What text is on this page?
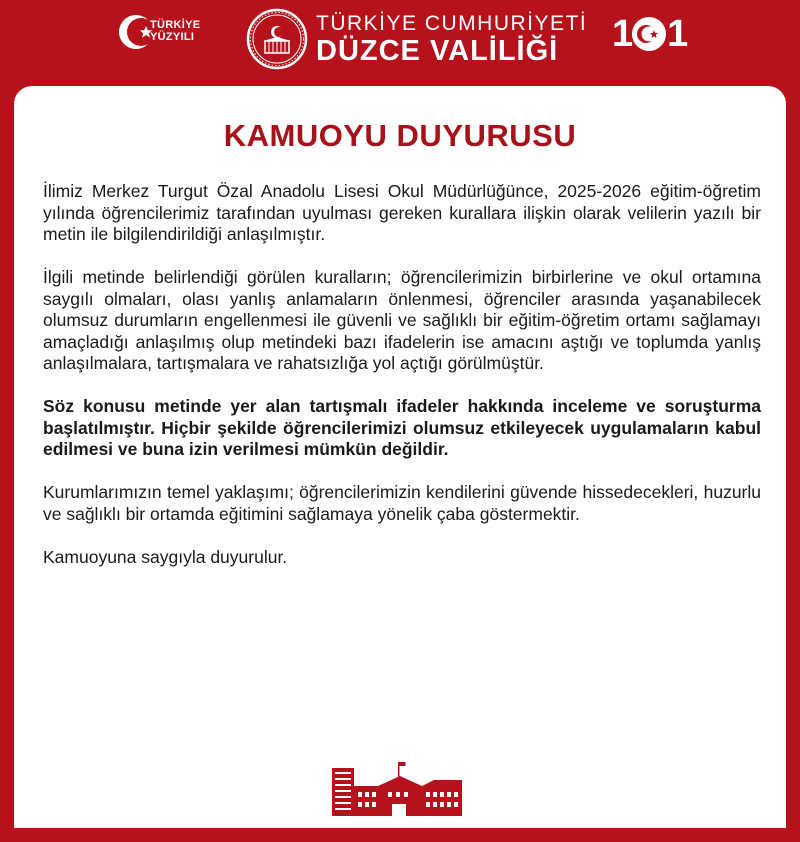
TÜRKİYE
YÜZYILI
TÜRKİYE CUMHURİYETİ
DÜZCE VALİLİĞİ 1 1
KAMUOYU DUYURUSU

İlimiz Merkez Turgut Özal Anadolu Lisesi Okul Müdürlüğünce, 2025-2026 eğitim-öğretim yılında öğrencilerimiz tarafından uyulması gereken kurallara ilişkin olarak velilerin yazılı bir metin ile bilgilendirildiği anlaşılmıştır.

İlgili metinde belirlendiği görülen kuralların; öğrencilerimizin birbirlerine ve okul ortamına saygılı olmaları, olası yanlış anlamaların önlenmesi, öğrenciler arasında yaşanabilecek olumsuz durumların engellenmesi ile güvenli ve sağlıklı bir eğitim-öğretim ortamı sağlamayı amaçladığı anlaşılmış olup metindeki bazı ifadelerin ise amacını aştığı ve toplumda yanlış anlaşılmalara, tartışmalara ve rahatsızlığa yol açtığı görülmüştür.

Söz konusu metinde yer alan tartışmalı ifadeler hakkında inceleme ve soruşturma başlatılmıştır. Hiçbir şekilde öğrencilerimizi olumsuz etkileyecek uygulamaların kabul edilmesi ve buna izin verilmesi mümkün değildir.

Kurumlarımızın temel yaklaşımı; öğrencilerimizin kendilerini güvende hissedecekleri, huzurlu ve sağlıklı bir ortamda eğitimini sağlamaya yönelik çaba göstermektir.

Kamuoyuna saygıyla duyurulur.
